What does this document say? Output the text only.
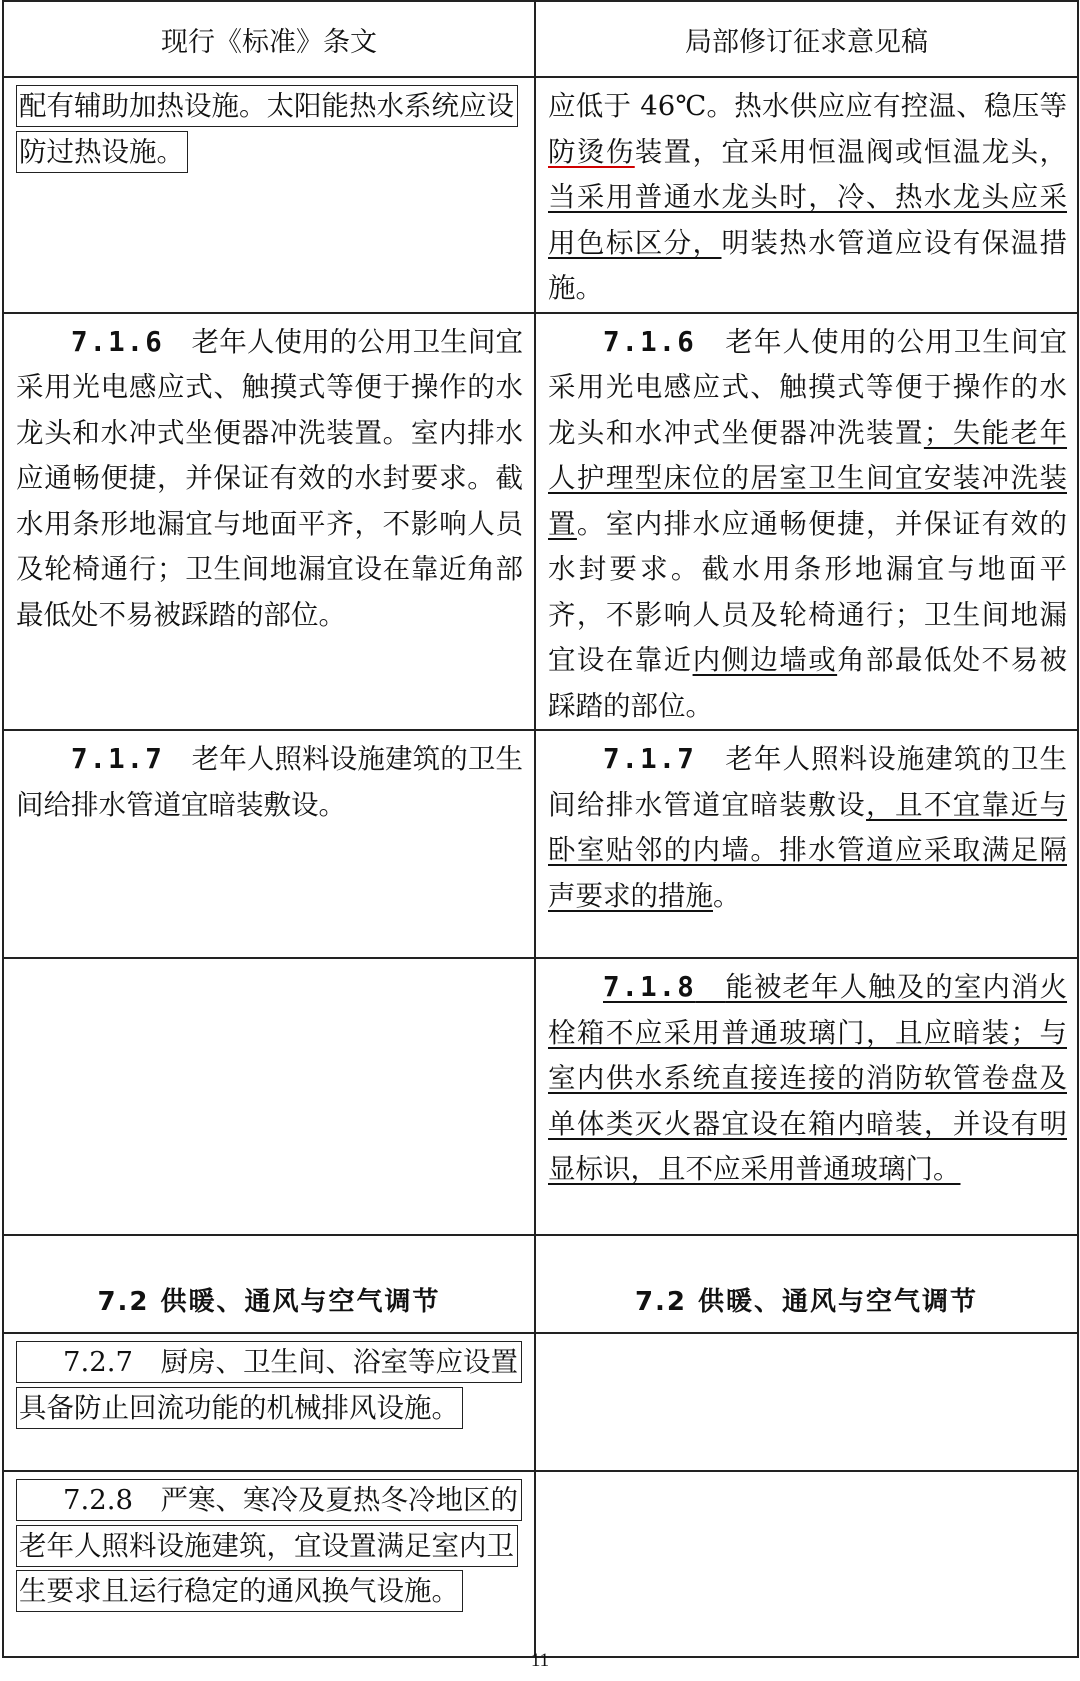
现行《标准》条文	局部修订征求意见稿

配有辅助加热设施。太阳能热水系统应设
防过热设施。	应低于 46℃。热水供应应有控温、稳压等防烫伤装置，宜采用恒温阀或恒温龙头，当采用普通水龙头时，冷、热水龙头应采用色标区分，明装热水管道应设有保温措施。

7.1.6　 老年人使用的公用卫生间宜采用光电感应式、触摸式等便于操作的水龙头和水冲式坐便器冲洗装置。室内排水应通畅便捷，并保证有效的水封要求。截水用条形地漏宜与地面平齐，不影响人员及轮椅通行；卫生间地漏宜设在靠近角部最低处不易被踩踏的部位。	7.1.6　 老年人使用的公用卫生间宜采用光电感应式、触摸式等便于操作的水龙头和水冲式坐便器冲洗装置；失能老年人护理型床位的居室卫生间宜安装冲洗装置。室内排水应通畅便捷，并保证有效的水封要求。截水用条形地漏宜与地面平齐，不影响人员及轮椅通行；卫生间地漏宜设在靠近内侧边墙或角部最低处不易被踩踏的部位。

7.1.7　 老年人照料设施建筑的卫生间给排水管道宜暗装敷设。	7.1.7　 老年人照料设施建筑的卫生间给排水管道宜暗装敷设，且不宜靠近与卧室贴邻的内墙。排水管道应采取满足隔声要求的措施。

	7.1.8　 能被老年人触及的室内消火栓箱不应采用普通玻璃门，且应暗装；与室内供水系统直接连接的消防软管卷盘及单体类灭火器宜设在箱内暗装，并设有明显标识，且不应采用普通玻璃门。

7.2 供暖、通风与空气调节	7.2 供暖、通风与空气调节

7.2.7　厨房、卫生间、浴室等应设置
具备防止回流功能的机械排风设施。	

7.2.8　严寒、寒冷及夏热冬冷地区的
老年人照料设施建筑，宜设置满足室内卫
生要求且运行稳定的通风换气设施。	

11
